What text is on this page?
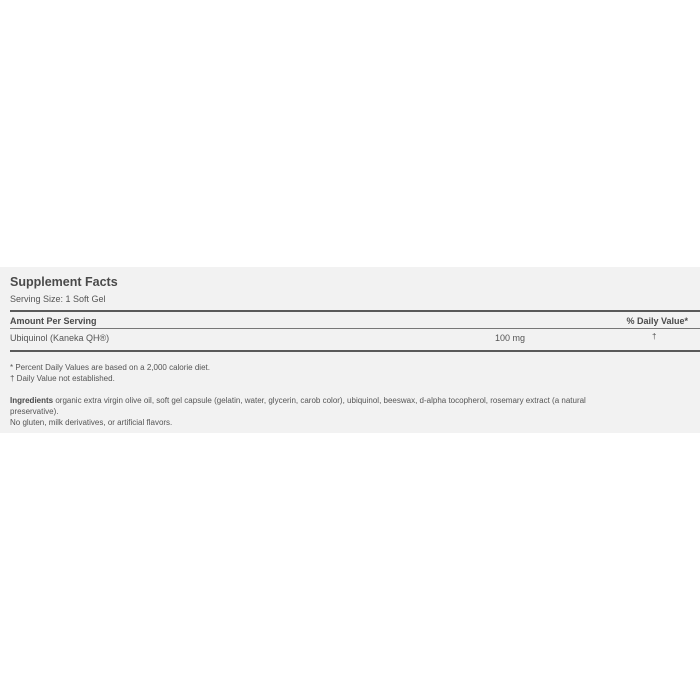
Supplement Facts
Serving Size: 1 Soft Gel
Amount Per Serving	% Daily Value*
Ubiquinol (Kaneka QH®)	100 mg	†
* Percent Daily Values are based on a 2,000 calorie diet.
† Daily Value not established.
Ingredients organic extra virgin olive oil, soft gel capsule (gelatin, water, glycerin, carob color), ubiquinol, beeswax, d-alpha tocopherol, rosemary extract (a natural preservative).
No gluten, milk derivatives, or artificial flavors.
